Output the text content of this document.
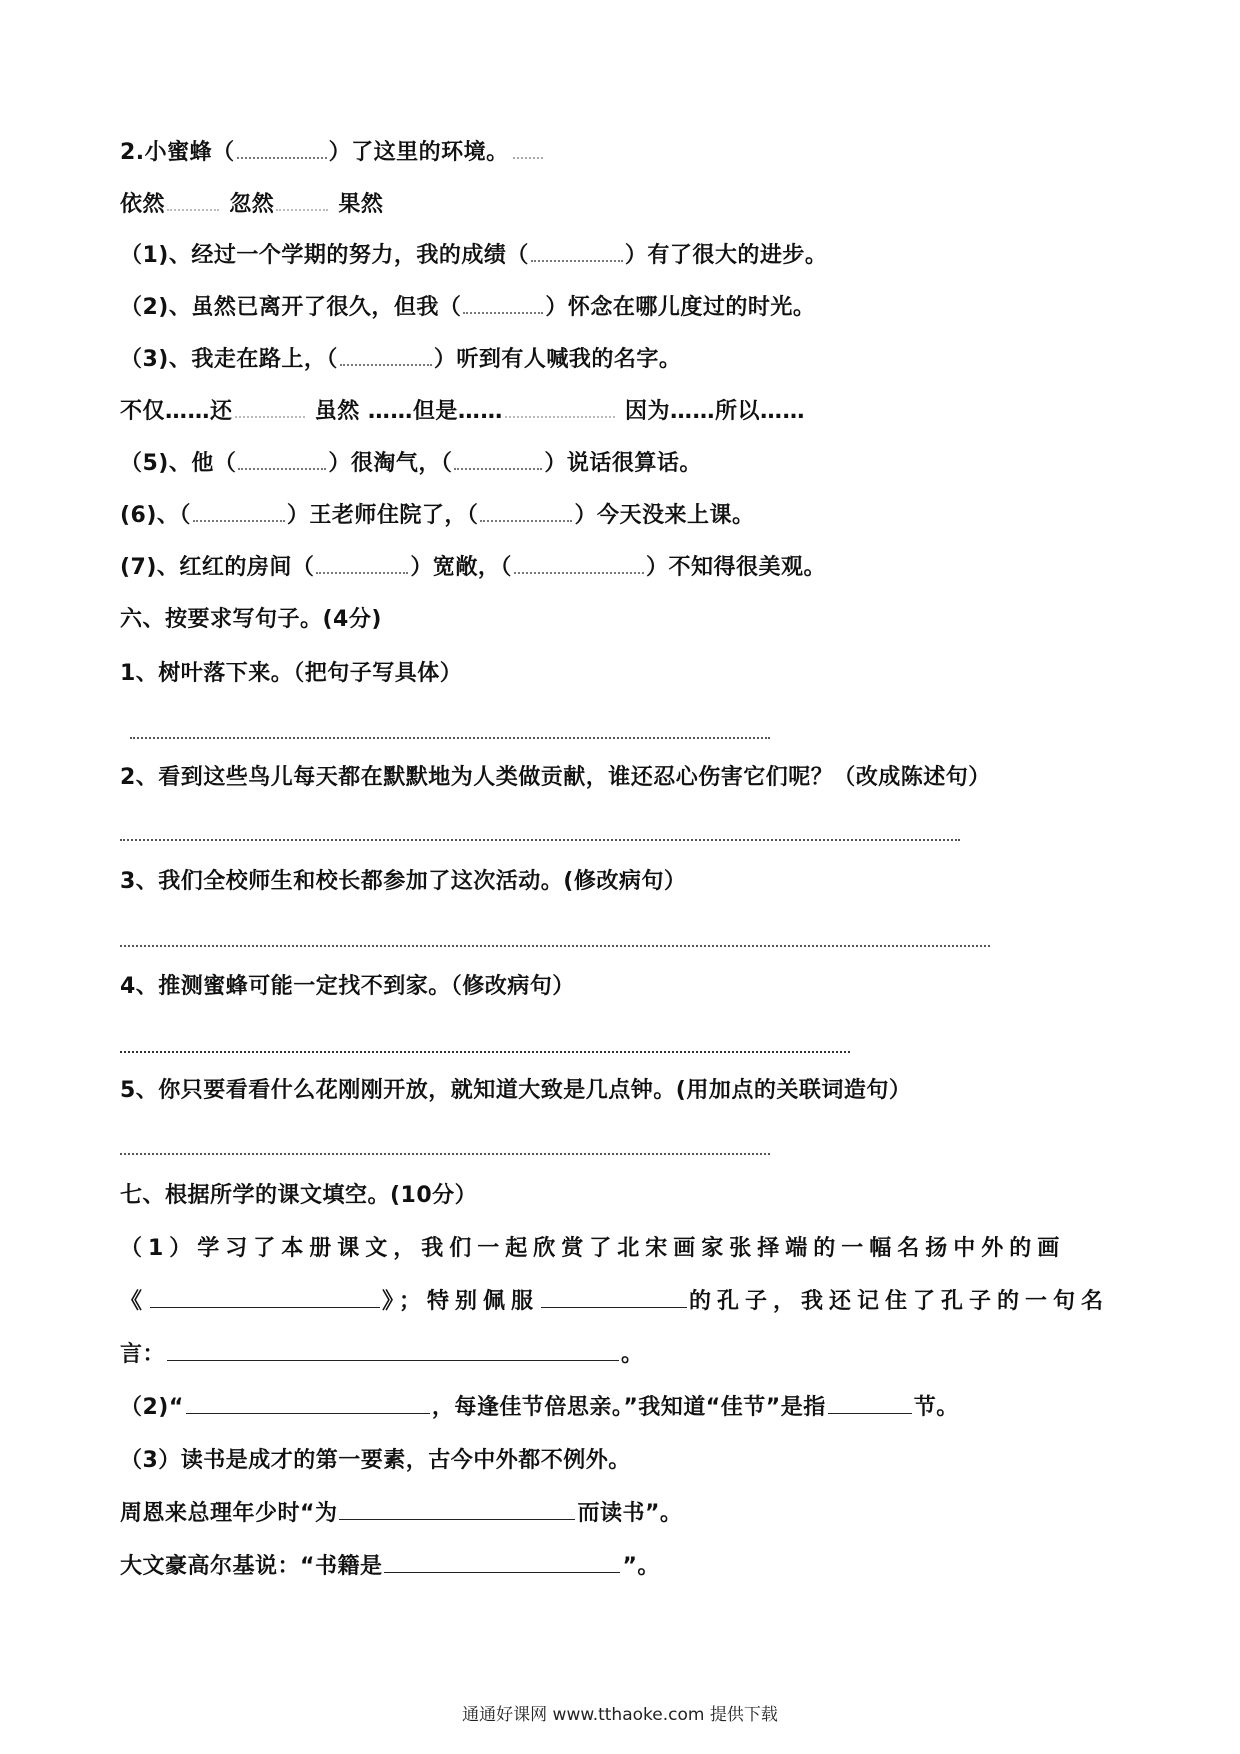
2.小蜜蜂（	）了这里的环境。
依然	忽然	果然
（1)、经过一个学期的努力，我的成绩（	）有了很大的进步。
（2)、虽然已离开了很久，但我（	）怀念在哪儿度过的时光。
（3)、我走在路上，（	）听到有人喊我的名字。
不仅……还	虽然 ……但是……	因为……所以……
（5)、他（	）很淘气，（	）说话很算话。
(6)、（	）王老师住院了，（	）今天没来上课。
(7)、红红的房间（	）宽敞，（	）不知得很美观。
六、按要求写句子。(4分)
1、树叶落下来。（把句子写具体）
2、看到这些鸟儿每天都在默默地为人类做贡献，谁还忍心伤害它们呢？（改成陈述句）
3、我们全校师生和校长都参加了这次活动。(修改病句）
4、推测蜜蜂可能一定找不到家。（修改病句）
5、你只要看看什么花刚刚开放，就知道大致是几点钟。(用加点的关联词造句）
七、根据所学的课文填空。(10分）
（1）学习了本册课文，我们一起欣赏了北宋画家张择端的一幅名扬中外的画
《	》；特别佩服	的孔子，我还记住了孔子的一句名
言：	。
（2)“	，每逢佳节倍思亲。”我知道“佳节”是指	节。
（3）读书是成才的第一要素，古今中外都不例外。
周恩来总理年少时“为	而读书”。
大文豪高尔基说：“书籍是	”。
通通好课网 www.tthaoke.com 提供下载
